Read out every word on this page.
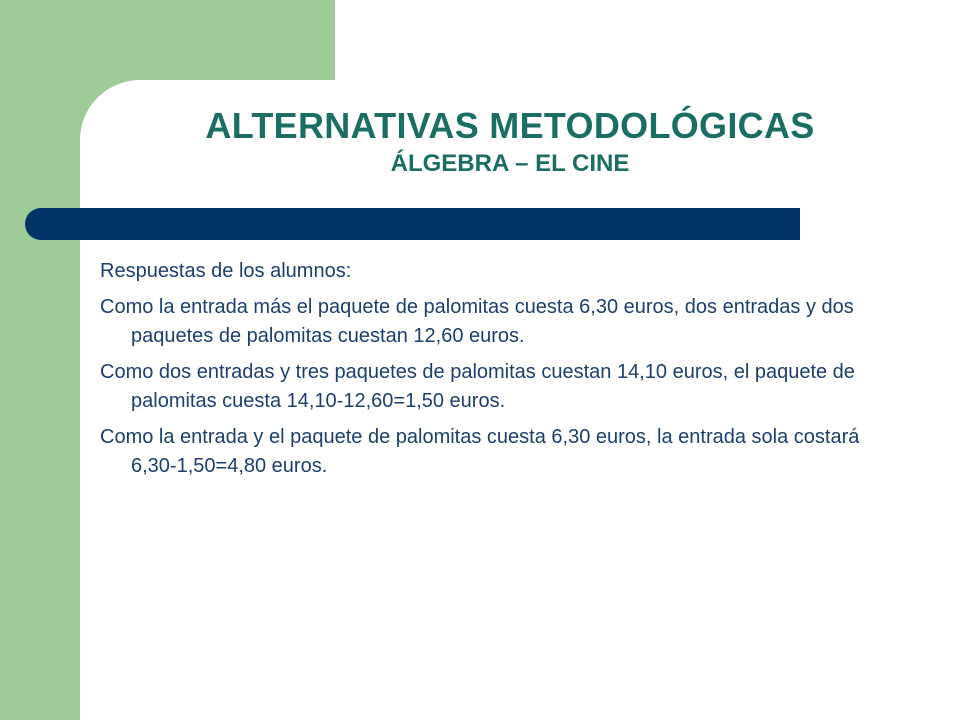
ALTERNATIVAS METODOLÓGICAS
ÁLGEBRA – EL CINE

Respuestas de los alumnos:

Como la entrada más el paquete de palomitas cuesta 6,30 euros, dos entradas y dos paquetes de palomitas cuestan 12,60 euros.

Como dos entradas y tres paquetes de palomitas cuestan 14,10 euros, el paquete de palomitas cuesta 14,10-12,60=1,50 euros.

Como la entrada y el paquete de palomitas cuesta 6,30 euros, la entrada sola costará 6,30-1,50=4,80 euros.
